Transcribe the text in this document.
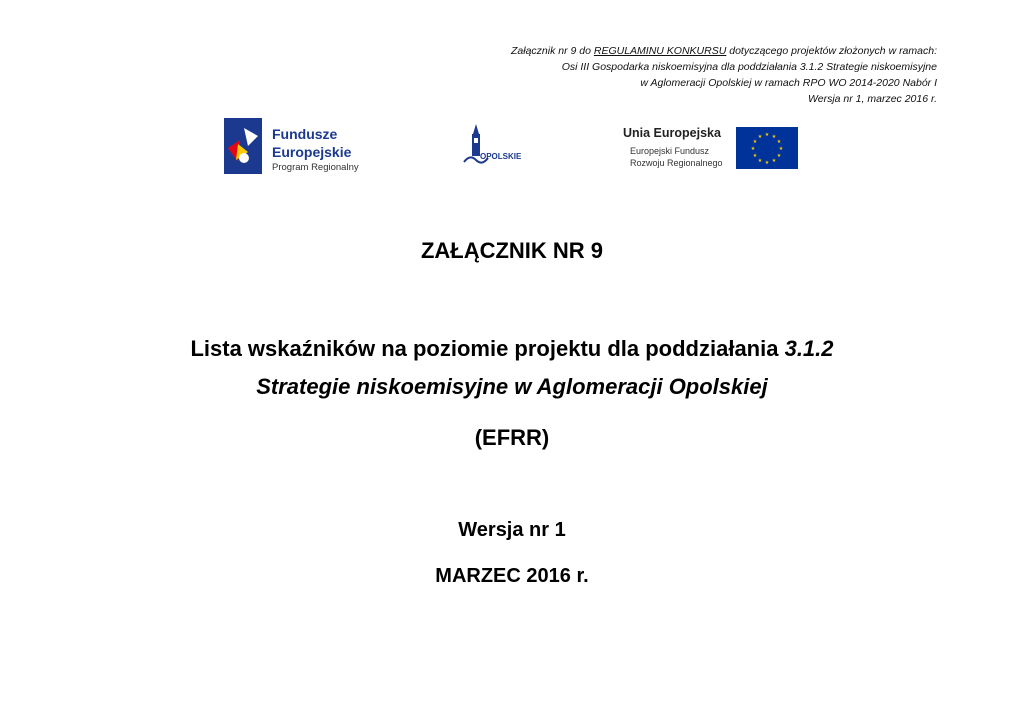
Załącznik nr 9 do REGULAMINU KONKURSU dotyczącego projektów złożonych w ramach:
Osi III Gospodarka niskoemisyjna dla poddziałania 3.1.2 Strategie niskoemisyjne
w Aglomeracji Opolskiej w ramach RPO WO 2014-2020 Nabór I
Wersja nr 1, marzec 2016 r.
Fundusze
Europejskie
Program Regionalny
OPOLSKIE
Unia Europejska
Europejski Fundusz
Rozwoju Regionalnego
★ ★
★
★
★
★
★
★
★
★
★
★
ZAŁĄCZNIK NR 9
Lista wskaźników na poziomie projektu dla poddziałania 3.1.2
Strategie niskoemisyjne w Aglomeracji Opolskiej
(EFRR)
Wersja nr 1
MARZEC 2016 r.
